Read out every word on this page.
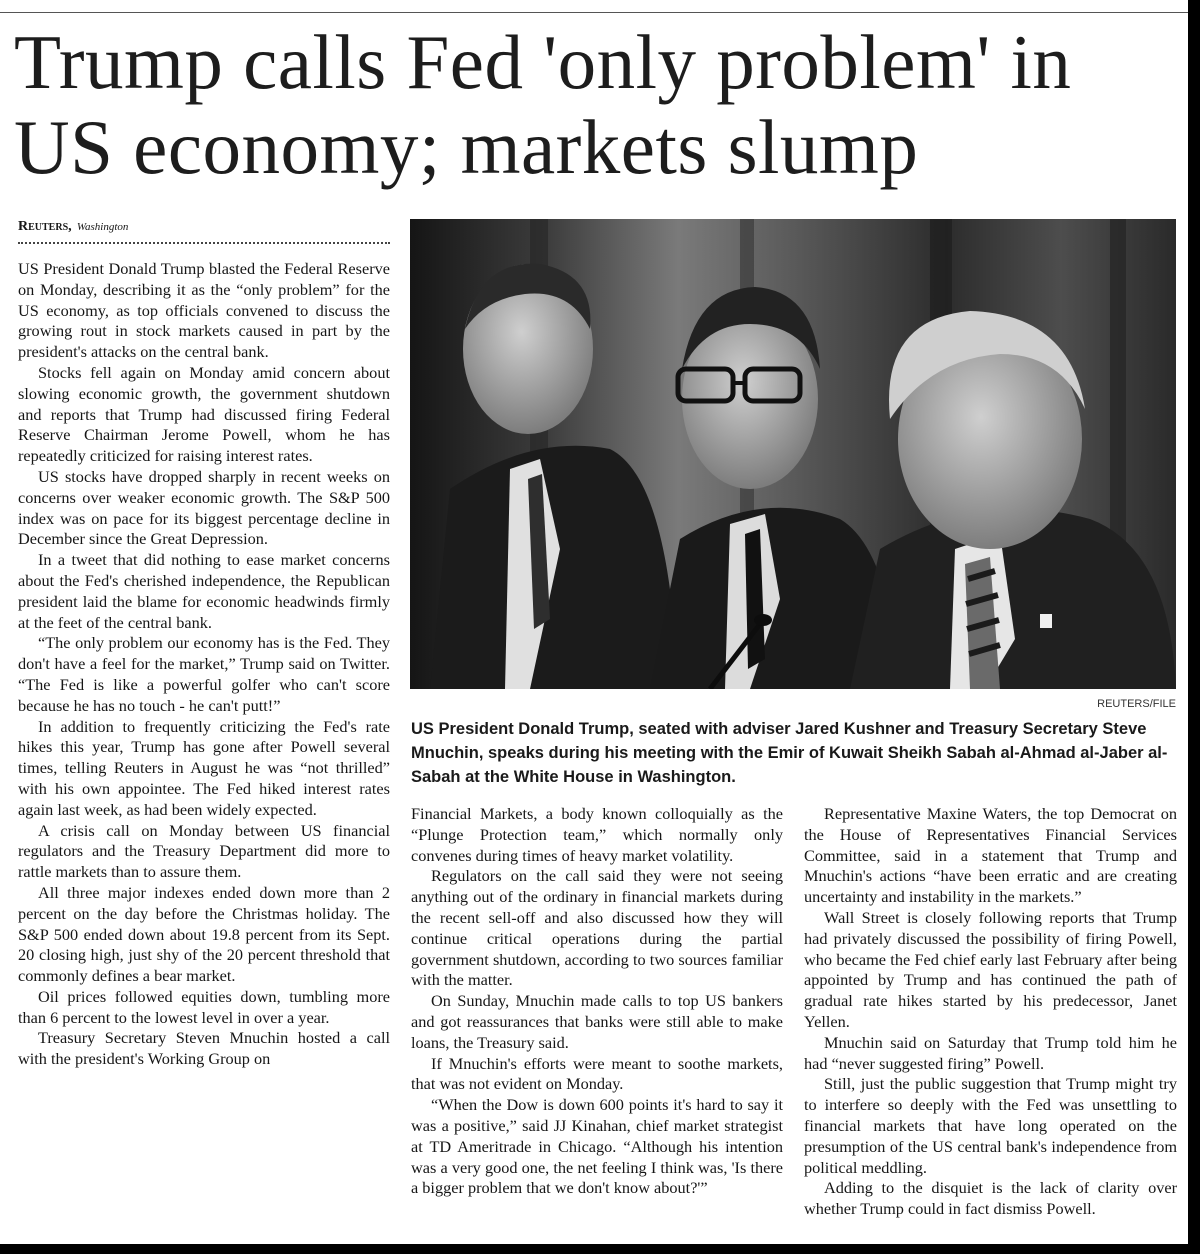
Trump calls Fed 'only problem' in US economy; markets slump
Reuters, Washington

US President Donald Trump blasted the Federal Reserve on Monday, describing it as the “only problem” for the US economy, as top officials convened to discuss the growing rout in stock markets caused in part by the president's attacks on the central bank.

Stocks fell again on Monday amid concern about slowing economic growth, the government shutdown and reports that Trump had discussed firing Federal Reserve Chairman Jerome Powell, whom he has repeatedly criticized for raising interest rates.

US stocks have dropped sharply in recent weeks on concerns over weaker economic growth. The S&P 500 index was on pace for its biggest percentage decline in December since the Great Depression.

In a tweet that did nothing to ease market concerns about the Fed's cherished independence, the Republican president laid the blame for economic headwinds firmly at the feet of the central bank.

“The only problem our economy has is the Fed. They don't have a feel for the market,” Trump said on Twitter. “The Fed is like a powerful golfer who can't score because he has no touch - he can't putt!”

In addition to frequently criticizing the Fed's rate hikes this year, Trump has gone after Powell several times, telling Reuters in August he was “not thrilled” with his own appointee. The Fed hiked interest rates again last week, as had been widely expected.

A crisis call on Monday between US financial regulators and the Treasury Department did more to rattle markets than to assure them.

All three major indexes ended down more than 2 percent on the day before the Christmas holiday. The S&P 500 ended down about 19.8 percent from its Sept. 20 closing high, just shy of the 20 percent threshold that commonly defines a bear market.

Oil prices followed equities down, tumbling more than 6 percent to the lowest level in over a year.

Treasury Secretary Steven Mnuchin hosted a call with the president's Working Group on

REUTERS/FILE
US President Donald Trump, seated with adviser Jared Kushner and Treasury Secretary Steve Mnuchin, speaks during his meeting with the Emir of Kuwait Sheikh Sabah al-Ahmad al-Jaber al-Sabah at the White House in Washington.

Financial Markets, a body known colloquially as the “Plunge Protection team,” which normally only convenes during times of heavy market volatility.

Regulators on the call said they were not seeing anything out of the ordinary in financial markets during the recent sell-off and also discussed how they will continue critical operations during the partial government shutdown, according to two sources familiar with the matter.

On Sunday, Mnuchin made calls to top US bankers and got reassurances that banks were still able to make loans, the Treasury said.

If Mnuchin's efforts were meant to soothe markets, that was not evident on Monday.

“When the Dow is down 600 points it's hard to say it was a positive,” said JJ Kinahan, chief market strategist at TD Ameritrade in Chicago. “Although his intention was a very good one, the net feeling I think was, 'Is there a bigger problem that we don't know about?'”

Representative Maxine Waters, the top Democrat on the House of Representatives Financial Services Committee, said in a statement that Trump and Mnuchin's actions “have been erratic and are creating uncertainty and instability in the markets.”

Wall Street is closely following reports that Trump had privately discussed the possibility of firing Powell, who became the Fed chief early last February after being appointed by Trump and has continued the path of gradual rate hikes started by his predecessor, Janet Yellen.

Mnuchin said on Saturday that Trump told him he had “never suggested firing” Powell.

Still, just the public suggestion that Trump might try to interfere so deeply with the Fed was unsettling to financial markets that have long operated on the presumption of the US central bank's independence from political meddling.

Adding to the disquiet is the lack of clarity over whether Trump could in fact dismiss Powell.
